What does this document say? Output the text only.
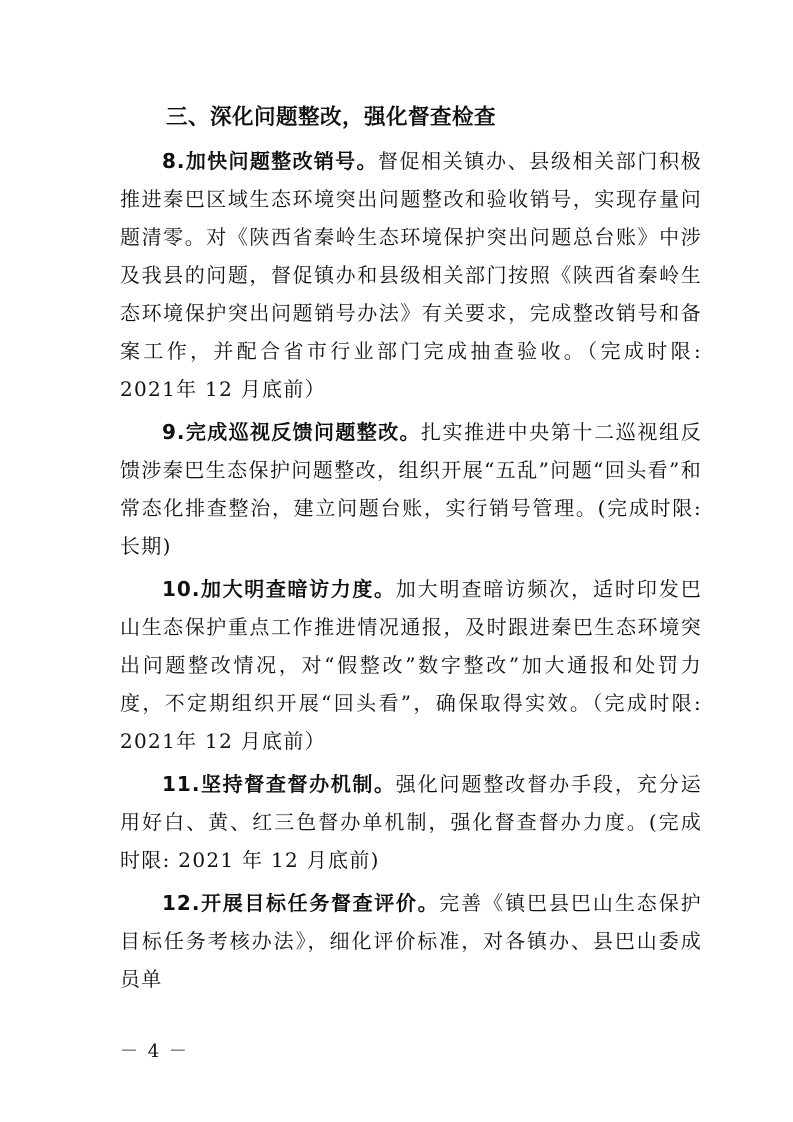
三、深化问题整改，强化督查检查

8.加快问题整改销号。督促相关镇办、县级相关部门积极推进秦巴区域生态环境突出问题整改和验收销号，实现存量问题清零。对《陕西省秦岭生态环境保护突出问题总台账》中涉及我县的问题，督促镇办和县级相关部门按照《陕西省秦岭生态环境保护突出问题销号办法》有关要求，完成整改销号和备案工作，并配合省市行业部门完成抽查验收。（完成时限: 2021年 12 月底前）

9.完成巡视反馈问题整改。扎实推进中央第十二巡视组反馈涉秦巴生态保护问题整改，组织开展“五乱”问题“回头看”和常态化排查整治，建立问题台账，实行销号管理。(完成时限: 长期)

10.加大明查暗访力度。加大明查暗访频次，适时印发巴山生态保护重点工作推进情况通报，及时跟进秦巴生态环境突出问题整改情况，对“假整改”数字整改”加大通报和处罚力度，不定期组织开展“回头看”，确保取得实效。（完成时限: 2021年 12 月底前）

11.坚持督查督办机制。强化问题整改督办手段，充分运用好白、黄、红三色督办单机制，强化督查督办力度。(完成时限: 2021 年 12 月底前)

12.开展目标任务督查评价。完善《镇巴县巴山生态保护目标任务考核办法》，细化评价标准，对各镇办、县巴山委成员单

－ 4 －
